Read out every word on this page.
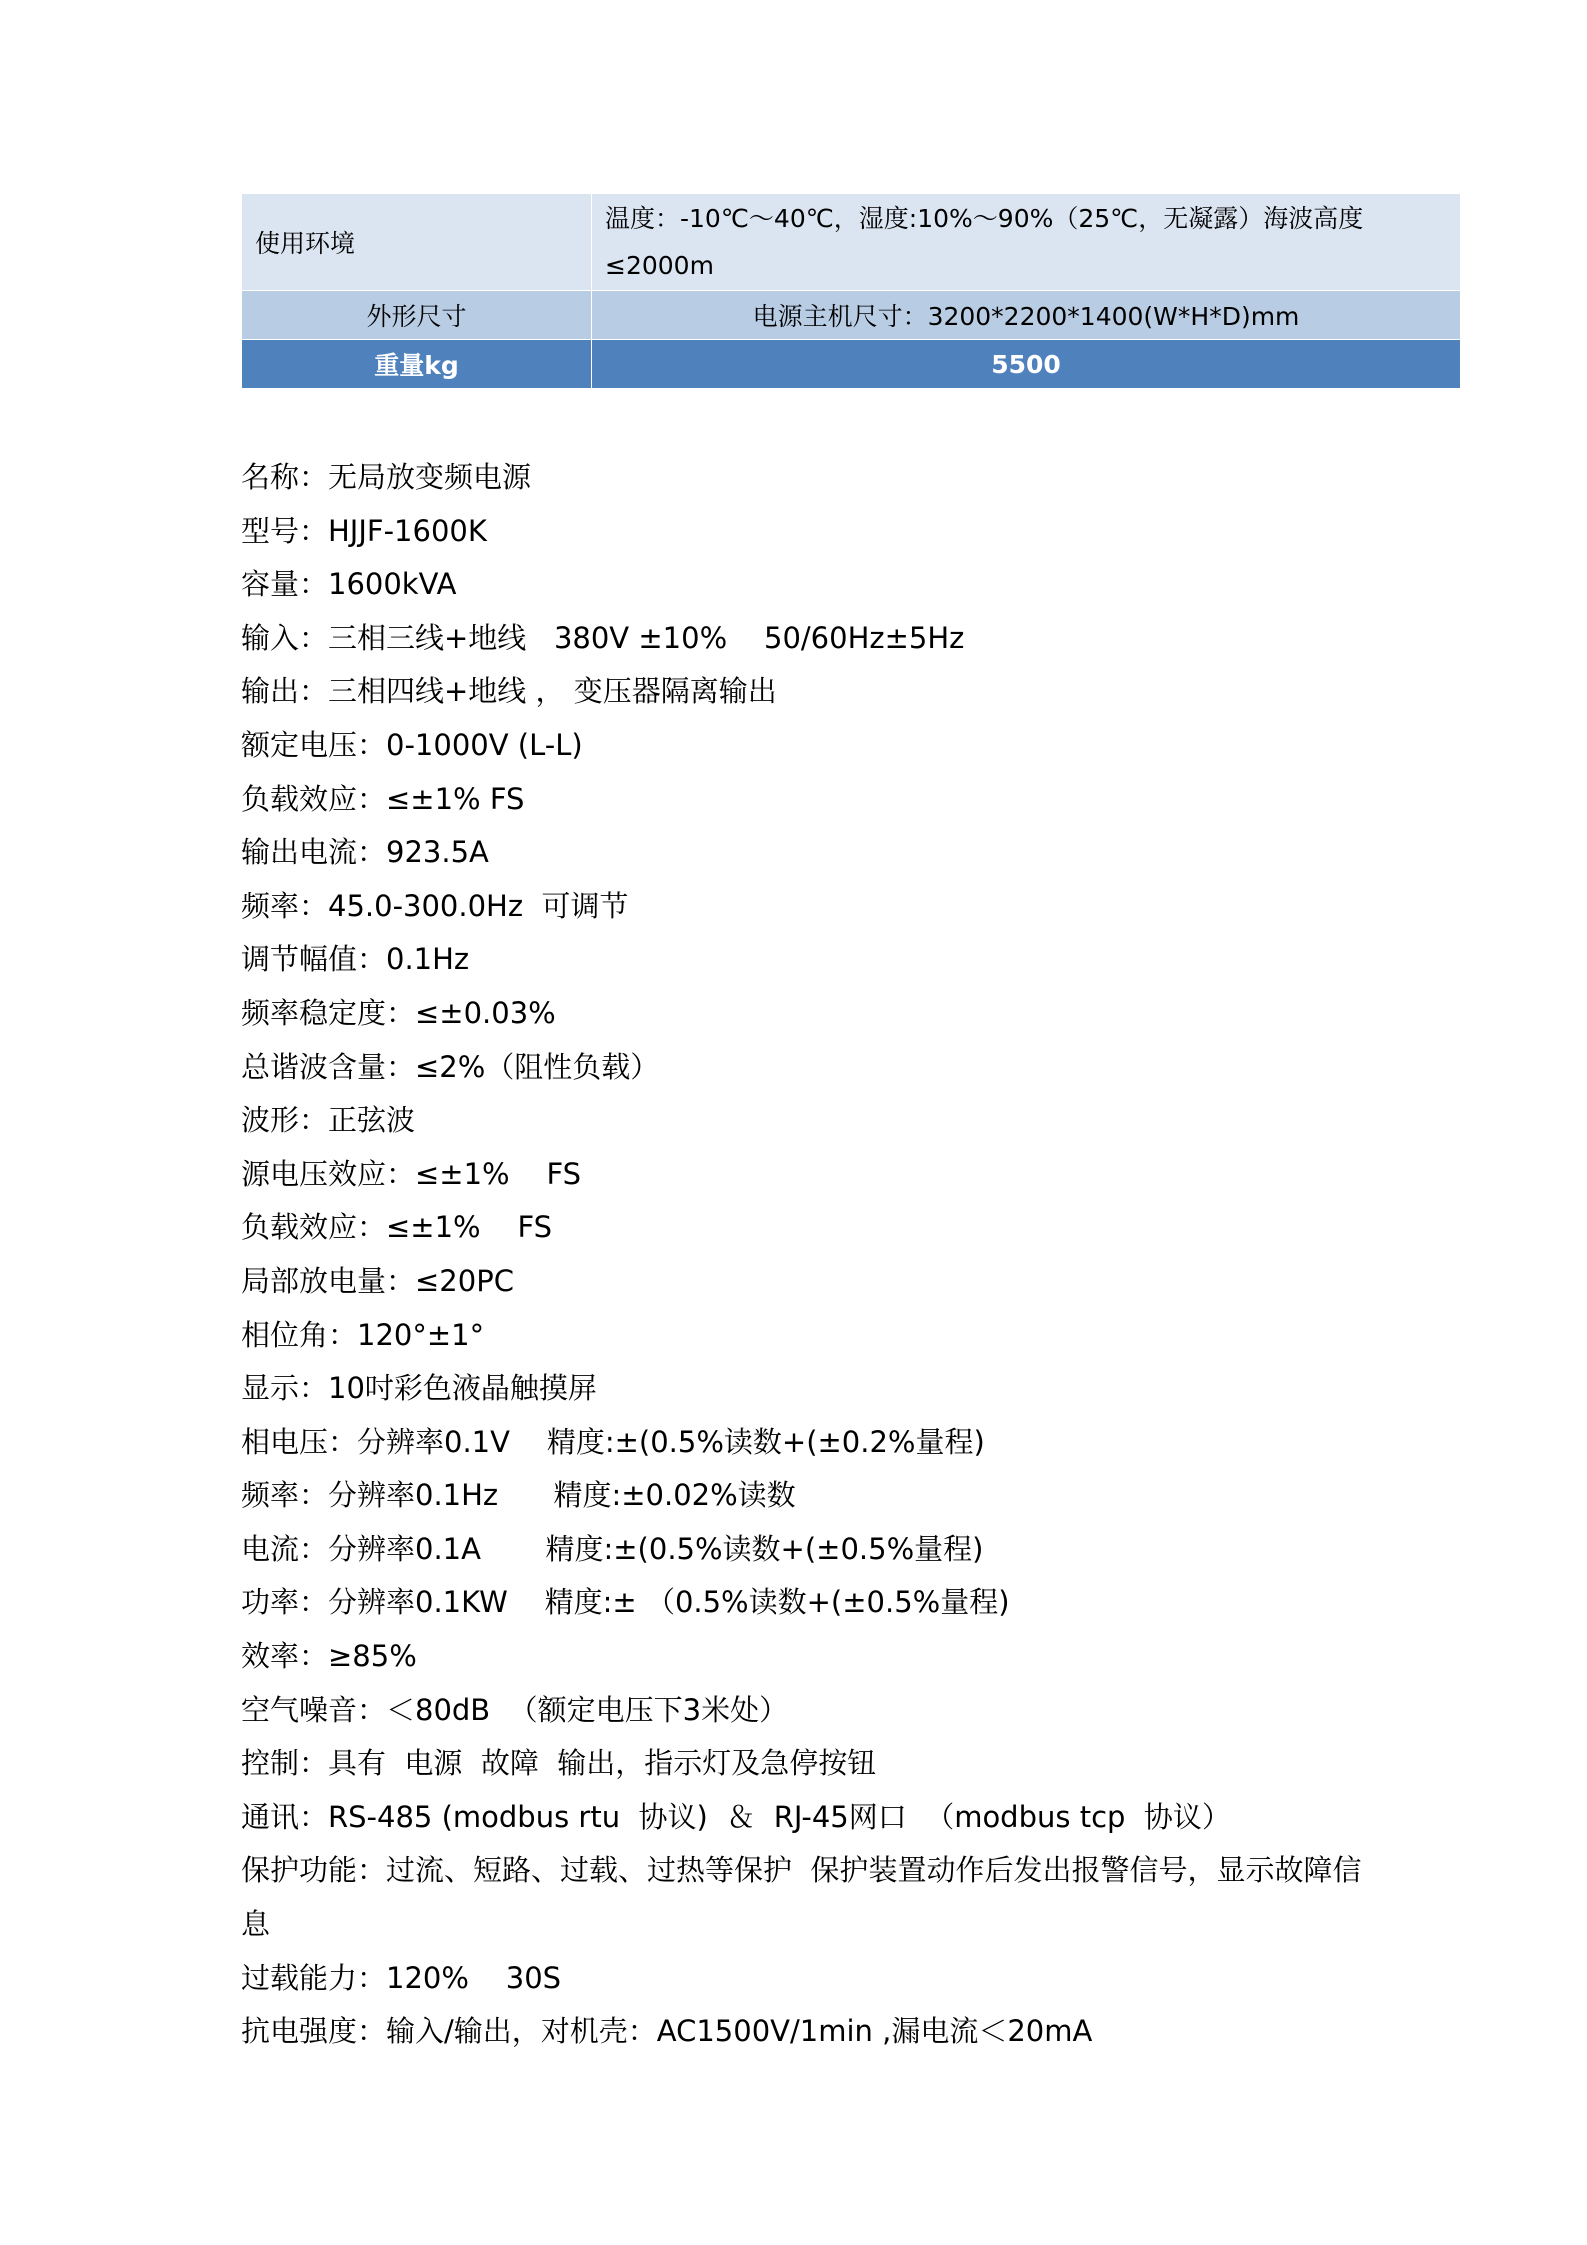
使用环境	温度：-10℃～40℃，湿度:10%～90%（25℃，无凝露）海波高度≤2000m
外形尺寸	电源主机尺寸：3200*2200*1400(W*H*D)mm
重量kg	5500
名称：无局放变频电源
型号：HJJF-1600K
容量：1600kVA
输入：三相三线+地线   380V ±10%    50/60Hz±5Hz
输出：三相四线+地线 ， 变压器隔离输出
额定电压：0-1000V (L-L)
负载效应：≤±1% FS
输出电流：923.5A
频率：45.0-300.0Hz  可调节
调节幅值：0.1Hz
频率稳定度：≤±0.03%
总谐波含量：≤2%（阻性负载）
波形：正弦波
源电压效应：≤±1%    FS
负载效应：≤±1%    FS
局部放电量：≤20PC
相位角：120°±1°
显示：10吋彩色液晶触摸屏
相电压：分辨率0.1V    精度:±(0.5%读数+(±0.2%量程)
频率：分辨率0.1Hz      精度:±0.02%读数
电流：分辨率0.1A       精度:±(0.5%读数+(±0.5%量程)
功率：分辨率0.1KW    精度:± （0.5%读数+(±0.5%量程)
效率：≥85%
空气噪音：＜80dB  （额定电压下3米处）
控制：具有  电源  故障  输出，指示灯及急停按钮
通讯：RS-485 (modbus rtu  协议)  ＆  RJ-45网口  （modbus tcp  协议）
保护功能：过流、短路、过载、过热等保护  保护装置动作后发出报警信号，显示故障信息
过载能力：120%    30S
抗电强度：输入/输出，对机壳：AC1500V/1min ,漏电流＜20mA
